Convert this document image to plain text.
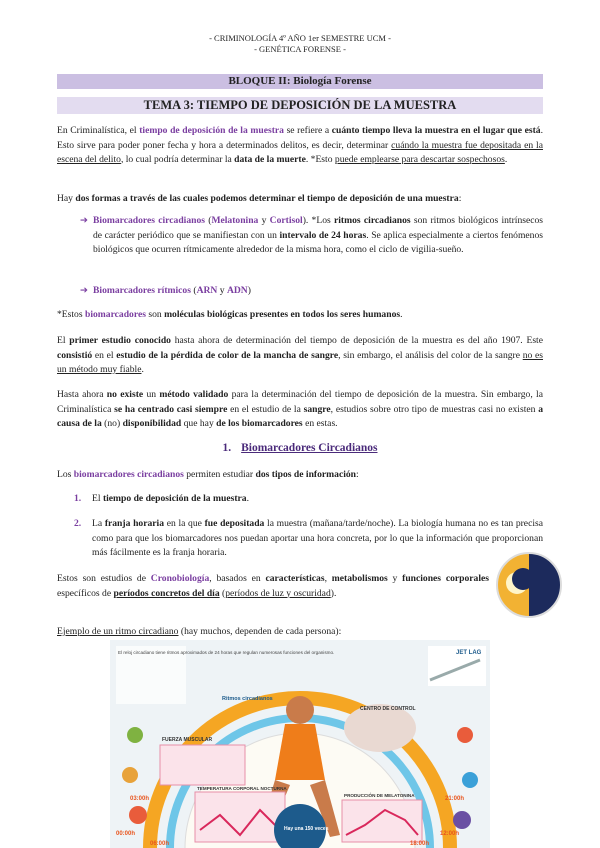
- CRIMINOLOGÍA 4º AÑO 1er SEMESTRE UCM -
- GENÉTICA FORENSE -
BLOQUE II: Biología Forense
TEMA 3: TIEMPO DE DEPOSICIÓN DE LA MUESTRA
En Criminalística, el tiempo de deposición de la muestra se refiere a cuánto tiempo lleva la muestra en el lugar que está. Esto sirve para poder poner fecha y hora a determinados delitos, es decir, determinar cuándo la muestra fue depositada en la escena del delito, lo cual podría determinar la data de la muerte. *Esto puede emplearse para descartar sospechosos.
Hay dos formas a través de las cuales podemos determinar el tiempo de deposición de una muestra:
➔ Biomarcadores circadianos (Melatonina y Cortisol). *Los ritmos circadianos son ritmos biológicos intrínsecos de carácter periódico que se manifiestan con un intervalo de 24 horas. Se aplica especialmente a ciertos fenómenos biológicos que ocurren rítmicamente alrededor de la misma hora, como el ciclo de vigilia-sueño.
➔ Biomarcadores rítmicos (ARN y ADN)
*Estos biomarcadores son moléculas biológicas presentes en todos los seres humanos.
El primer estudio conocido hasta ahora de determinación del tiempo de deposición de la muestra es del año 1907. Este consistió en el estudio de la pérdida de color de la mancha de sangre, sin embargo, el análisis del color de la sangre no es un método muy fiable.
Hasta ahora no existe un método validado para la determinación del tiempo de deposición de la muestra. Sin embargo, la Criminalística se ha centrado casi siempre en el estudio de la sangre, estudios sobre otro tipo de muestras casi no existen a causa de la (no) disponibilidad que hay de los biomarcadores en estas.
1. Biomarcadores Circadianos
Los biomarcadores circadianos permiten estudiar dos tipos de información:
1.	El tiempo de deposición de la muestra.
2.	La franja horaria en la que fue depositada la muestra (mañana/tarde/noche). La biología humana no es tan precisa como para que los biomarcadores nos puedan aportar una hora concreta, por lo que la información que proporcionan más fácilmente es la franja horaria.
Estos son estudios de Cronobiología, basados en características, metabolismos y funciones corporales específicos de períodos concretos del día (períodos de luz y oscuridad).
Ejemplo de un ritmo circadiano (hay muchos, dependen de cada persona):
El reloj circadiano tiene ritmos aproximados de 24 horas que regulan numerosas funciones del organismo.	JET LAG
FUERZA MUSCULAR
TEMPERATURA CORPORAL NOCTURNA
PRODUCCIÓN DE MELATONINA
CENTRO DE CONTROL
Ritmos circadianos
00:00h
06:00h
12:00h
18:00h
03:00h	21:00h
Hay una 150 veces
